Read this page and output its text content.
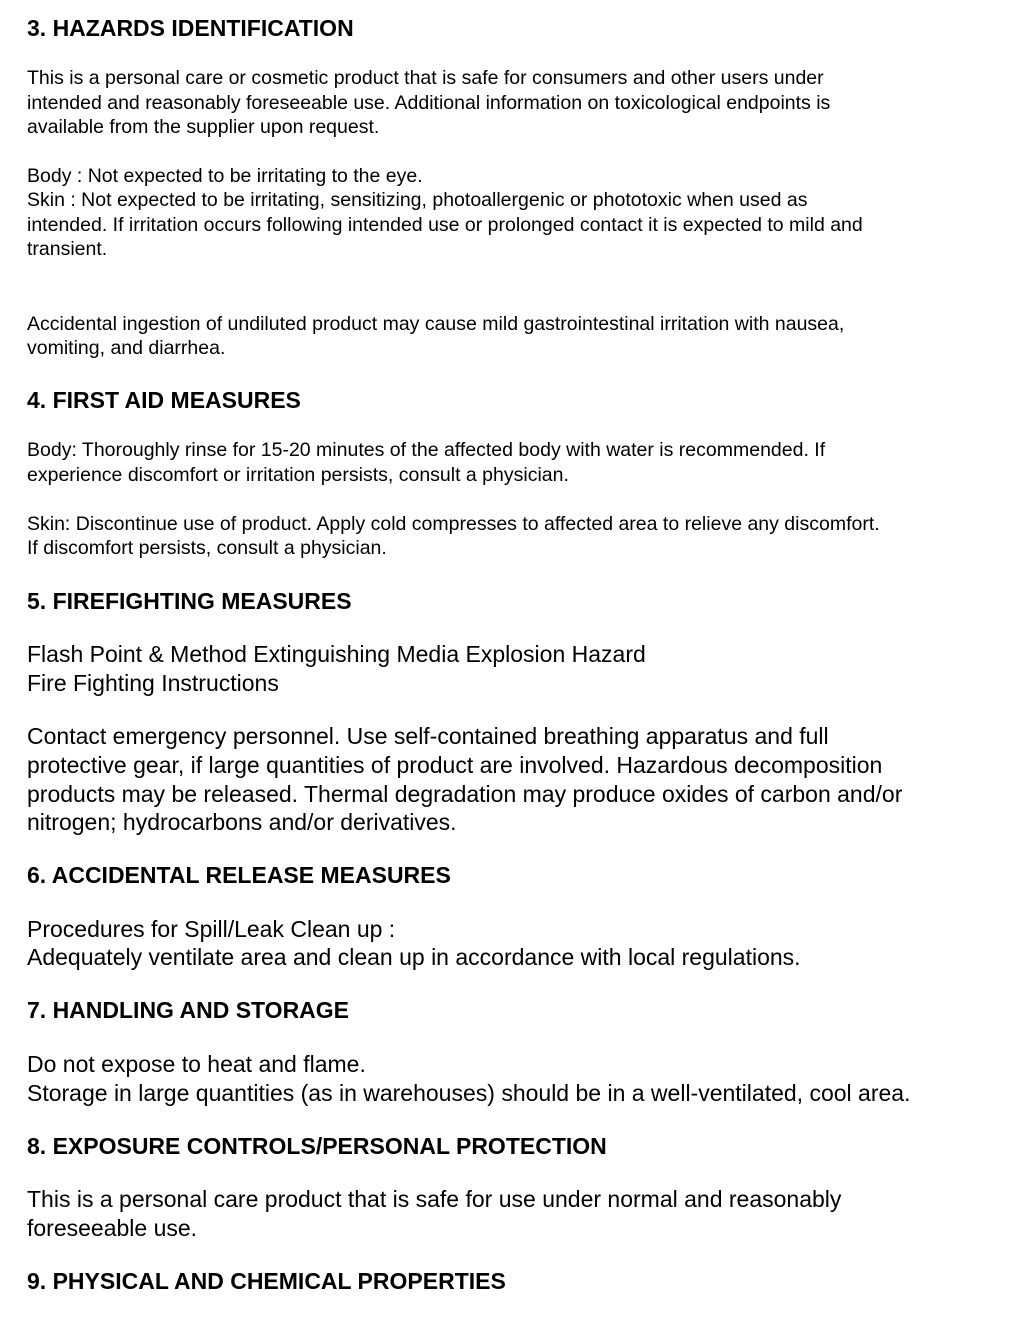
3. HAZARDS IDENTIFICATION
This is a personal care or cosmetic product that is safe for consumers and other users under
intended and reasonably foreseeable use. Additional information on toxicological endpoints is
available from the supplier upon request.
Body : Not expected to be irritating to the eye.
Skin : Not expected to be irritating, sensitizing, photoallergenic or phototoxic when used as
intended. If irritation occurs following intended use or prolonged contact it is expected to mild and
transient.
Accidental ingestion of undiluted product may cause mild gastrointestinal irritation with nausea,
vomiting, and diarrhea.
4. FIRST AID MEASURES
Body: Thoroughly rinse for 15-20 minutes of the affected body with water is recommended. If
experience discomfort or irritation persists, consult a physician.
Skin: Discontinue use of product. Apply cold compresses to affected area to relieve any discomfort.
If discomfort persists, consult a physician.
5. FIREFIGHTING MEASURES
Flash Point & Method Extinguishing Media Explosion Hazard
Fire Fighting Instructions
Contact emergency personnel. Use self-contained breathing apparatus and full
protective gear, if large quantities of product are involved. Hazardous decomposition
products may be released. Thermal degradation may produce oxides of carbon and/or
nitrogen; hydrocarbons and/or derivatives.
6. ACCIDENTAL RELEASE MEASURES
Procedures for Spill/Leak Clean up :
Adequately ventilate area and clean up in accordance with local regulations.
7. HANDLING AND STORAGE
Do not expose to heat and flame.
Storage in large quantities (as in warehouses) should be in a well-ventilated, cool area.
8. EXPOSURE CONTROLS/PERSONAL PROTECTION
This is a personal care product that is safe for use under normal and reasonably
foreseeable use.
9. PHYSICAL AND CHEMICAL PROPERTIES
